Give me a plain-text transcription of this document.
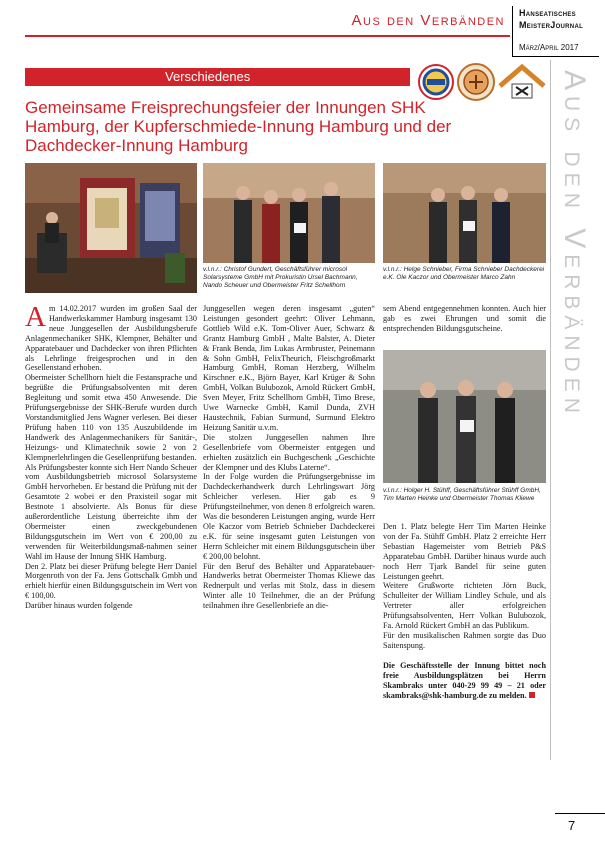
Aus den Verbänden Hanseatisches
MeisterJournal
März/April 2017
Aus den Verbänden
Verschiedenes
Gemeinsame Freisprechungsfeier der Innungen SHK Hamburg, der Kupferschmiede-Innung Hamburg und der Dachdecker-Innung Hamburg
v.l.n.r.: Christof Gundert, Geschäftsführer microsol Solarsysteme GmbH mit Prokuristin Ursel Bachmann, Nando Scheuer und Obermeister Fritz Schellhorn
v.l.n.r.: Helge Schnieber, Firma Schnieber Dachdeckerei e.K. Ole Kaczor und Obermeister Marco Zahn
v.l.n.r.: Holger H. Stühff, Geschäftsführer Stühff GmbH, Tim Marten Heinke und Obermeister Thomas Kliewe

Am 14.02.2017 wurden im großen Saal der Handwerkskammer Hamburg insgesamt 130 neue Junggesellen der Ausbildungsberufe Anlagenmechaniker SHK, Klempner, Behälter und Apparatebauer und Dachdecker von ihren Pflichten als Lehrlinge freigesprochen und in den Gesellenstand erhoben.

Obermeister Schellhorn hielt die Festansprache und begrüßte die Prüfungsabsolventen mit deren Begleitung und somit etwa 450 Anwesende. Die Prüfungsergebnisse der SHK-Berufe wurden durch Vorstandsmitglied Jens Wagner verlesen. Bei dieser Prüfung haben 110 von 135 Auszubildende im Handwerk des Anlagenmechanikers für Sanitär-, Heizungs- und Klimatechnik sowie 2 von 2 Klempnerlehrlingen die Gesellenprüfung bestanden.

Als Prüfungsbester konnte sich Herr Nando Scheuer vom Ausbildungsbetrieb microsol Solarsysteme GmbH hervorheben. Er bestand die Prüfung mit der Gesamtote 2 wobei er den Praxisteil sogar mit Bestnote 1 absolvierte. Als Bonus für diese außerordentliche Leistung überreichte ihm der Obermeister einen zweckgebundenen Bildungsgutschein im Wert von € 200,00 zu verwenden für Weiterbildungsmaß-nahmen seiner Wahl im Hause der Innung SHK Hamburg.

Den 2. Platz bei dieser Prüfung belegte Herr Daniel Morgenroth von der Fa. Jens Gottschalk Gmbh und erhielt hierfür einen Bildungsgutschein im Wert von € 100,00.

Darüber hinaus wurden folgende

Junggesellen wegen deren insgesamt „guten“ Leistungen gesondert geehrt: Oliver Lehmann, Gottlieb Wild e.K. Tom-Oliver Auer, Schwarz & Grantz Hamburg GmbH , Malte Balster, A. Dieter & Frank Benda, Jim Lukas Armbruster, Peinemann & Sohn GmbH, FelixTheurich, Fleischgroßmarkt Hamburg GmbH, Roman Herzberg, Wilhelm Kirschner e.K., Björn Bayer, Karl Krüger & Sohn GmbH, Volkan Bulubozok, Arnold Rückert GmbH, Sven Meyer, Fritz Schellhorn GmbH, Timo Brese, Uwe Warnecke GmbH, Kamil Dunda, ZVH Haustechnik, Fabian Surmund, Surmund Elektro Heizung Sanitär u.v.m.

Die stolzen Junggesellen nahmen Ihre Gesellenbriefe vom Obermeister entgegen und erhielten zusätzlich ein Buchgeschenk „Geschichte der Klempner und des Klubs Laterne“.

In der Folge wurden die Prüfungsergebnisse im Dachdeckerhandwerk durch Lehrlingswart Jörg Schleicher verlesen. Hier gab es 9 Prüfungsteilnehmer, von denen 8 erfolgreich waren. Was die besonderen Leistungen anging, wurde Herr Ole Kaczor vom Betrieb Schnieber Dachdeckerei e.K. für seine insgesamt guten Leistungen von Herrn Schleicher mit einem Bildungsgutschein über € 200,00 belohnt.

Für den Beruf des Behälter und Apparatebauer-Handwerks betrat Obermeister Thomas Kliewe das Rednerpult und verlas mit Stolz, dass in diesem Winter alle 10 Teilnehmer, die an der Prüfung teilnahmen ihre Gesellenbriefe an die-

sem Abend entgegennehmen konnten. Auch hier gab es zwei Ehrungen und somit die entsprechenden Bildungsgutscheine.

Den 1. Platz belegte Herr Tim Marten Heinke von der Fa. Stühff GmbH. Platz 2 erreichte Herr Sebastian Hagemeister vom Betrieb P&S Apparatebau GmbH. Darüber hinaus wurde auch noch Herr Tjark Bandel für seine guten Leistungen geehrt.

Weitere Grußworte richteten Jörn Buck, Schulleiter der William Lindley Schule, und als Vertreter aller erfolgreichen Prüfungsabsolventen, Herr Volkan Bulubozok, Fa. Arnold Rückert GmbH an das Publikum.

Für den musikalischen Rahmen sorgte das Duo Saitenspung.

Die Geschäftsstelle der Innung bittet noch freie Ausbildungsplätzen bei Herrn Skambraks unter 040-29 99 49 – 21 oder skambraks@shk-hamburg.de zu melden.

7
